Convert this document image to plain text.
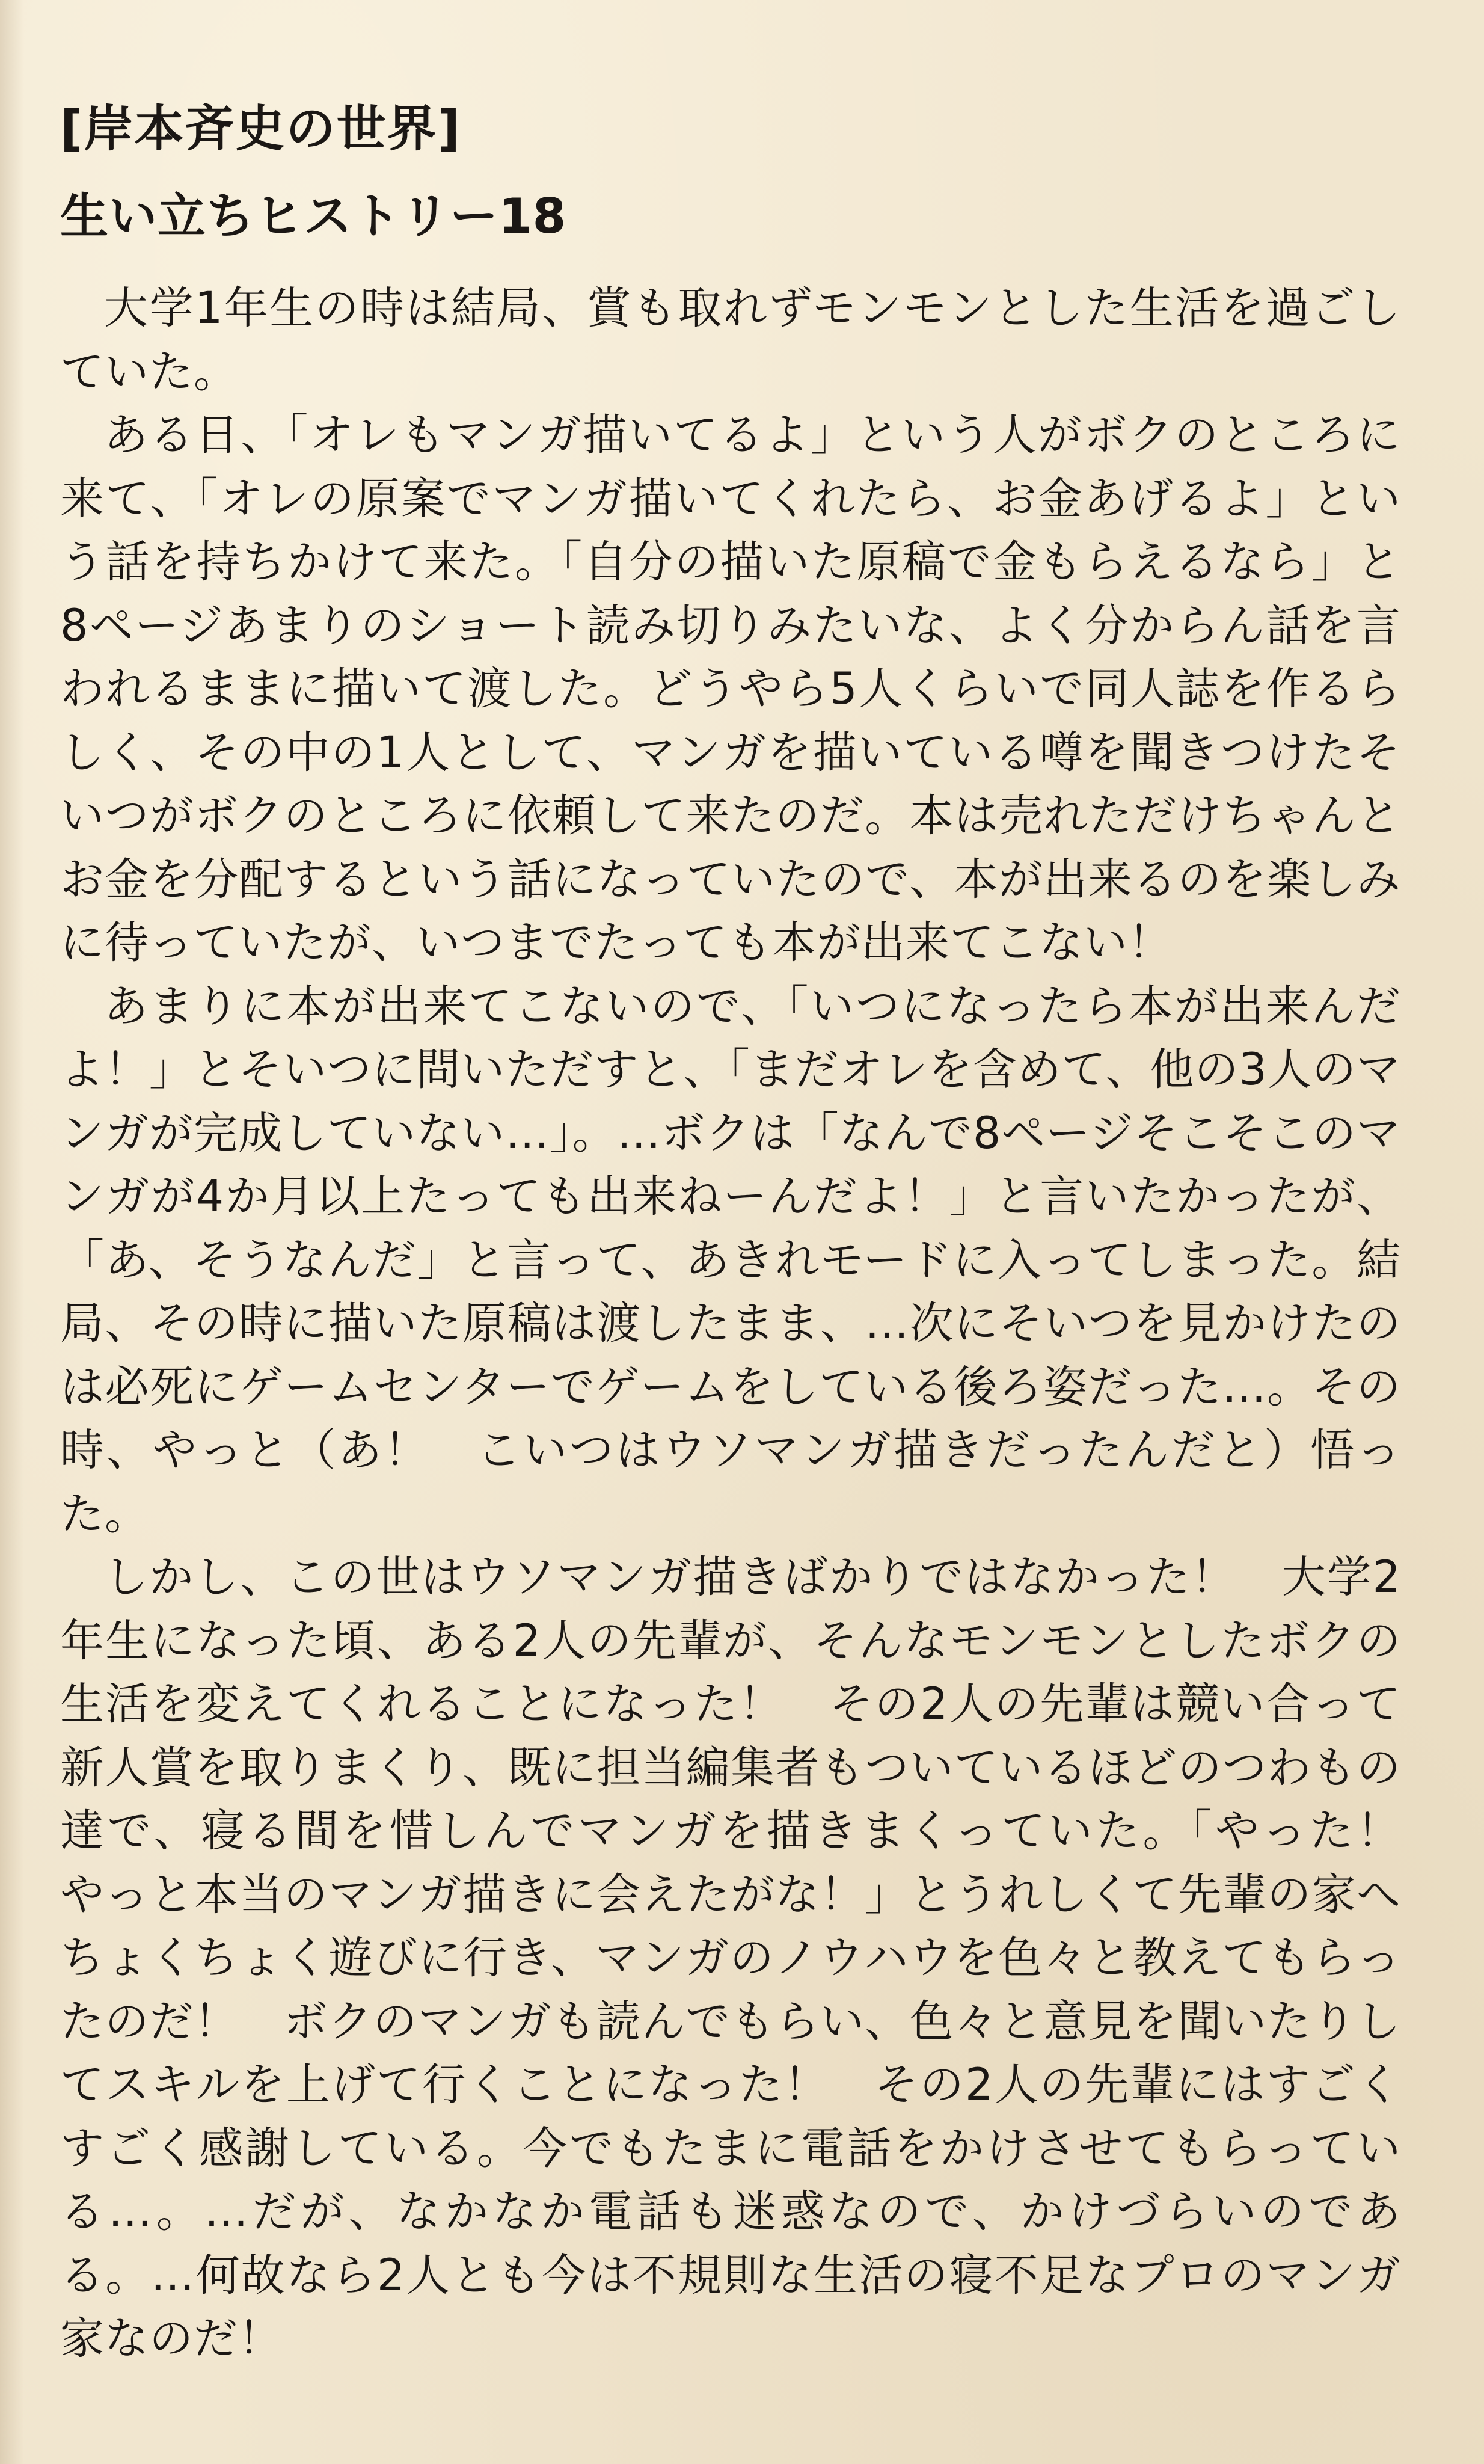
[岸本斉史の世界]
生い立ちヒストリー18

大学1年生の時は結局、賞も取れずモンモンとした生活を過ごしていた。

ある日、「オレもマンガ描いてるよ」という人がボクのところに来て、「オレの原案でマンガ描いてくれたら、お金あげるよ」という話を持ちかけて来た。「自分の描いた原稿で金もらえるなら」と8ページあまりのショート読み切りみたいな、よく分からん話を言われるままに描いて渡した。どうやら5人くらいで同人誌を作るらしく、その中の1人として、マンガを描いている噂を聞きつけたそいつがボクのところに依頼して来たのだ。本は売れただけちゃんとお金を分配するという話になっていたので、本が出来るのを楽しみに待っていたが、いつまでたっても本が出来てこない！

あまりに本が出来てこないので、「いつになったら本が出来んだよ！」とそいつに問いただすと、「まだオレを含めて、他の3人のマンガが完成していない…」。…ボクは「なんで8ページそこそこのマンガが4か月以上たっても出来ねーんだよ！」と言いたかったが、「あ、そうなんだ」と言って、あきれモードに入ってしまった。結局、その時に描いた原稿は渡したまま、…次にそいつを見かけたのは必死にゲームセンターでゲームをしている後ろ姿だった…。その時、やっと（あ！　こいつはウソマンガ描きだったんだと）悟った。

しかし、この世はウソマンガ描きばかりではなかった！　大学2年生になった頃、ある2人の先輩が、そんなモンモンとしたボクの生活を変えてくれることになった！　その2人の先輩は競い合って新人賞を取りまくり、既に担当編集者もついているほどのつわもの達で、寝る間を惜しんでマンガを描きまくっていた。「やった！　やっと本当のマンガ描きに会えたがな！」とうれしくて先輩の家へちょくちょく遊びに行き、マンガのノウハウを色々と教えてもらったのだ！　ボクのマンガも読んでもらい、色々と意見を聞いたりしてスキルを上げて行くことになった！　その2人の先輩にはすごくすごく感謝している。今でもたまに電話をかけさせてもらっている…。…だが、なかなか電話も迷惑なので、かけづらいのである。…何故なら2人とも今は不規則な生活の寝不足なプロのマンガ家なのだ！
